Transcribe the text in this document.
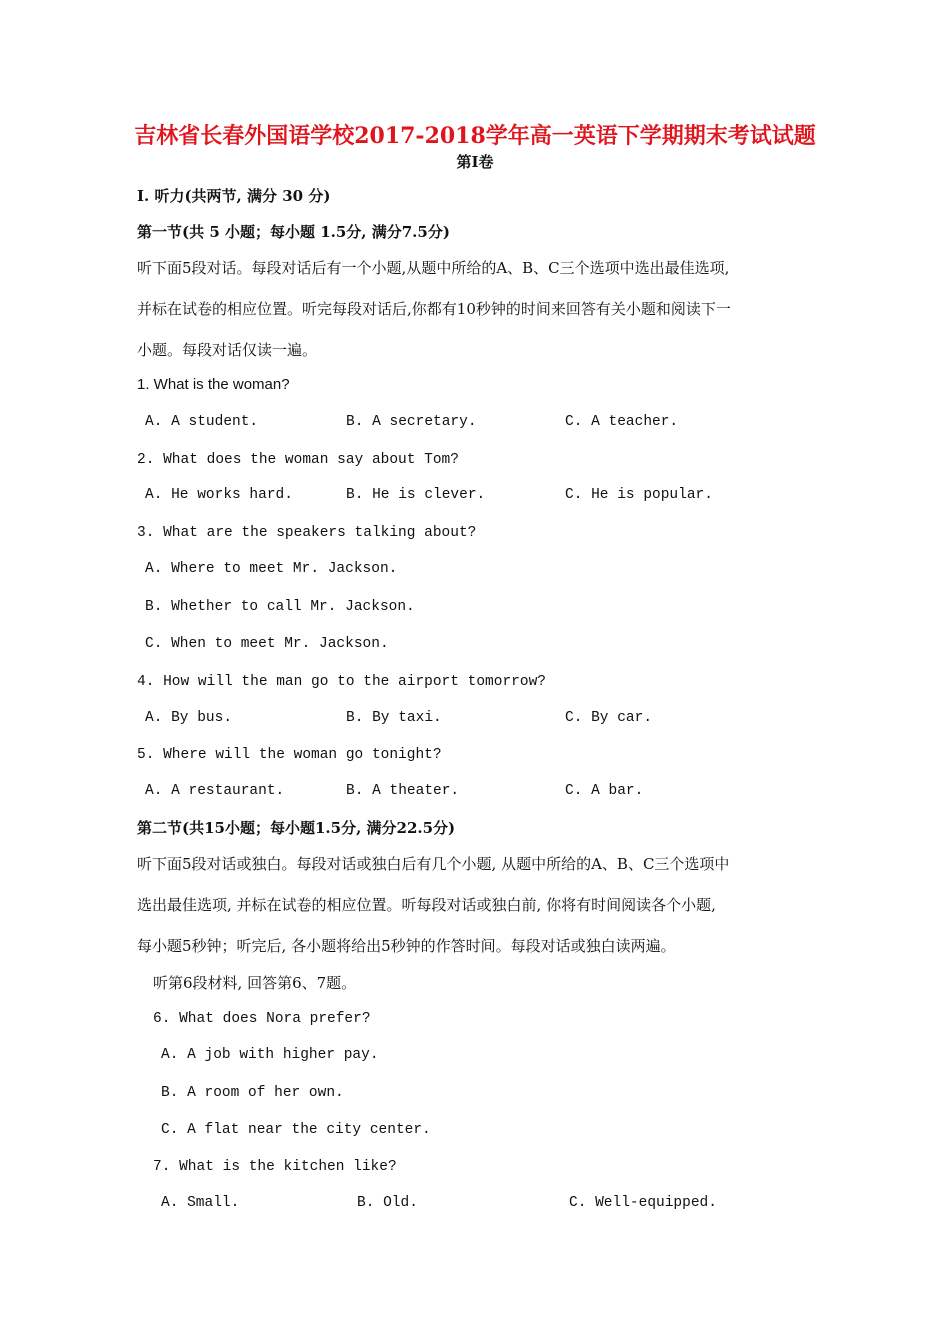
吉林省长春外国语学校2017-2018学年高一英语下学期期末考试试题
第Ⅰ卷
I. 听力(共两节, 满分 30 分)
第一节(共 5 小题；每小题 1.5分, 满分7.5分)
听下面5段对话。每段对话后有一个小题,从题中所给的A、B、C三个选项中选出最佳选项,
并标在试卷的相应位置。听完每段对话后,你都有10秒钟的时间来回答有关小题和阅读下一
小题。每段对话仅读一遍。
1. What is the woman?
A. A student.	B. A secretary.	C. A teacher.
2. What does the woman say about Tom?
A. He works hard.	B. He is clever.	C. He is popular.
3. What are the speakers talking about?
A. Where to meet Mr. Jackson.
B. Whether to call Mr. Jackson.
C. When to meet Mr. Jackson.
4. How will the man go to the airport tomorrow?
A. By bus.	B. By taxi.	C. By car.
5. Where will the woman go tonight?
A. A restaurant.	B. A theater.	C. A bar.
第二节(共15小题；每小题1.5分, 满分22.5分)
听下面5段对话或独白。每段对话或独白后有几个小题, 从题中所给的A、B、C三个选项中
选出最佳选项, 并标在试卷的相应位置。听每段对话或独白前, 你将有时间阅读各个小题,
每小题5秒钟；听完后, 各小题将给出5秒钟的作答时间。每段对话或独白读两遍。
听第6段材料, 回答第6、7题。
6. What does Nora prefer?
A. A job with higher pay.
B. A room of her own.
C. A flat near the city center.
7. What is the kitchen like?
A. Small.	B. Old.	C. Well-equipped.
